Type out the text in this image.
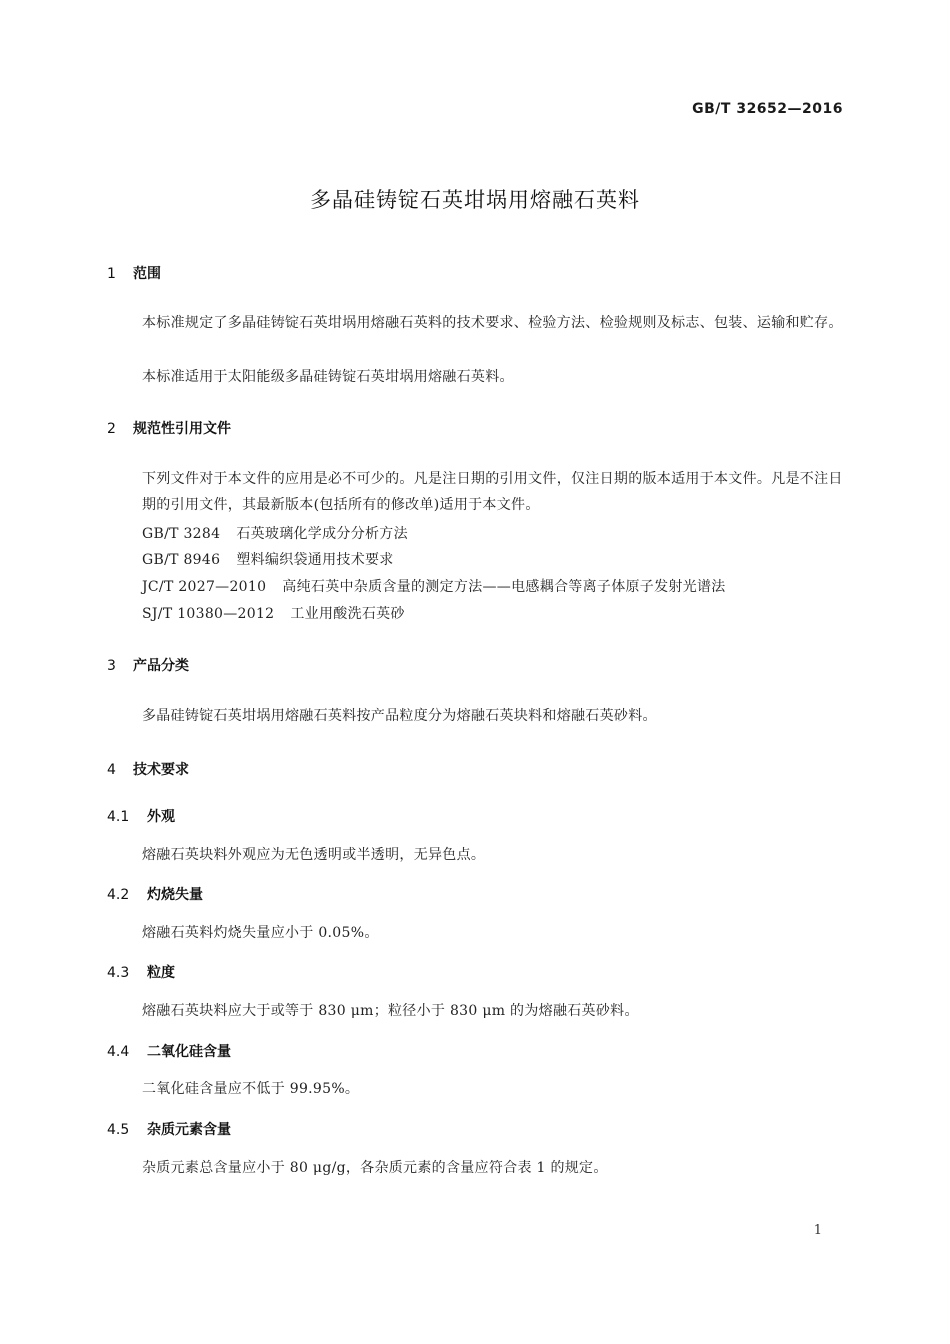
GB/T 32652—2016
多晶硅铸锭石英坩埚用熔融石英料
1 范围
本标准规定了多晶硅铸锭石英坩埚用熔融石英料的技术要求、检验方法、检验规则及标志、包装、运输和贮存。
本标准适用于太阳能级多晶硅铸锭石英坩埚用熔融石英料。
2 规范性引用文件
下列文件对于本文件的应用是必不可少的。凡是注日期的引用文件，仅注日期的版本适用于本文件。凡是不注日期的引用文件，其最新版本(包括所有的修改单)适用于本文件。
GB/T 3284 石英玻璃化学成分分析方法
GB/T 8946 塑料编织袋通用技术要求
JC/T 2027—2010 高纯石英中杂质含量的测定方法——电感耦合等离子体原子发射光谱法
SJ/T 10380—2012 工业用酸洗石英砂
3 产品分类
多晶硅铸锭石英坩埚用熔融石英料按产品粒度分为熔融石英块料和熔融石英砂料。
4 技术要求
4.1 外观
熔融石英块料外观应为无色透明或半透明，无异色点。
4.2 灼烧失量
熔融石英料灼烧失量应小于 0.05%。
4.3 粒度
熔融石英块料应大于或等于 830 μm；粒径小于 830 μm 的为熔融石英砂料。
4.4 二氧化硅含量
二氧化硅含量应不低于 99.95%。
4.5 杂质元素含量
杂质元素总含量应小于 80 μg/g，各杂质元素的含量应符合表 1 的规定。
1
